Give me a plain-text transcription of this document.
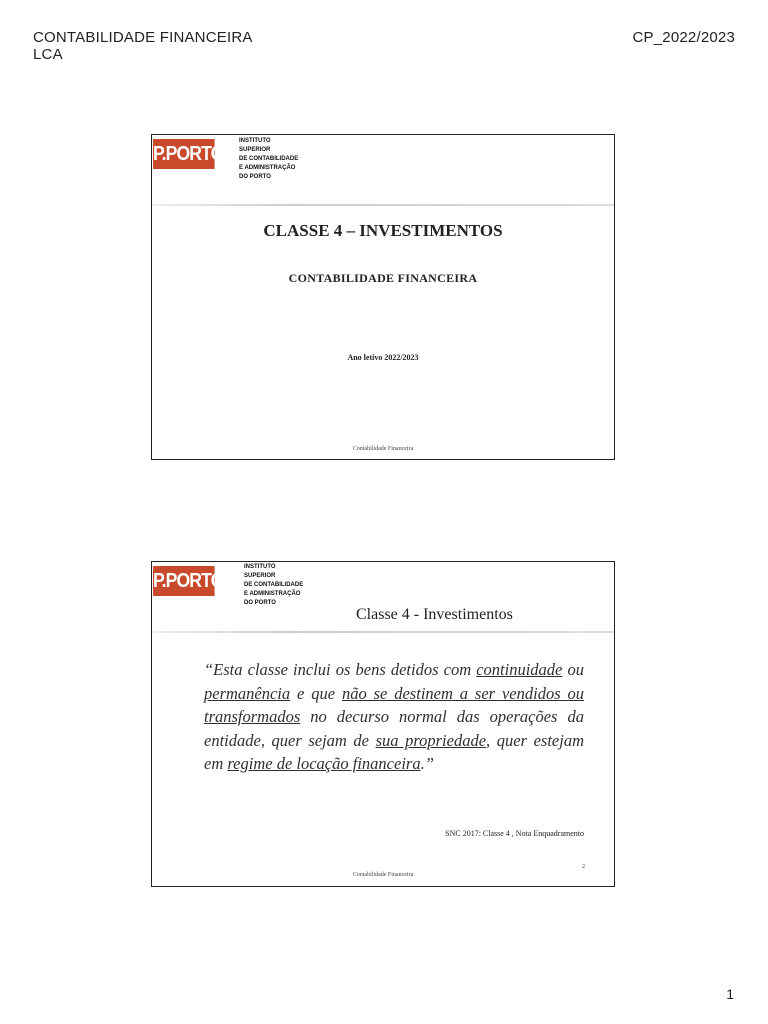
CONTABILIDADE FINANCEIRA
LCA
CP_2022/2023
P.PORTO
INSTITUTO
SUPERIOR
DE CONTABILIDADE
E ADMINISTRAÇÃO
DO PORTO
CLASSE 4 – INVESTIMENTOS
CONTABILIDADE FINANCEIRA
Ano letivo 2022/2023
Contabilidade Financeira
P.PORTO
INSTITUTO
SUPERIOR
DE CONTABILIDADE
E ADMINISTRAÇÃO
DO PORTO
Classe 4 - Investimentos
“Esta classe inclui os bens detidos com continuidade ou permanência e que não se destinem a ser vendidos ou transformados no decurso normal das operações da entidade, quer sejam de sua propriedade, quer estejam em regime de locação financeira.”
SNC 2017: Classe 4 , Nota Enquadramento
2
Contabilidade Financeira
1
